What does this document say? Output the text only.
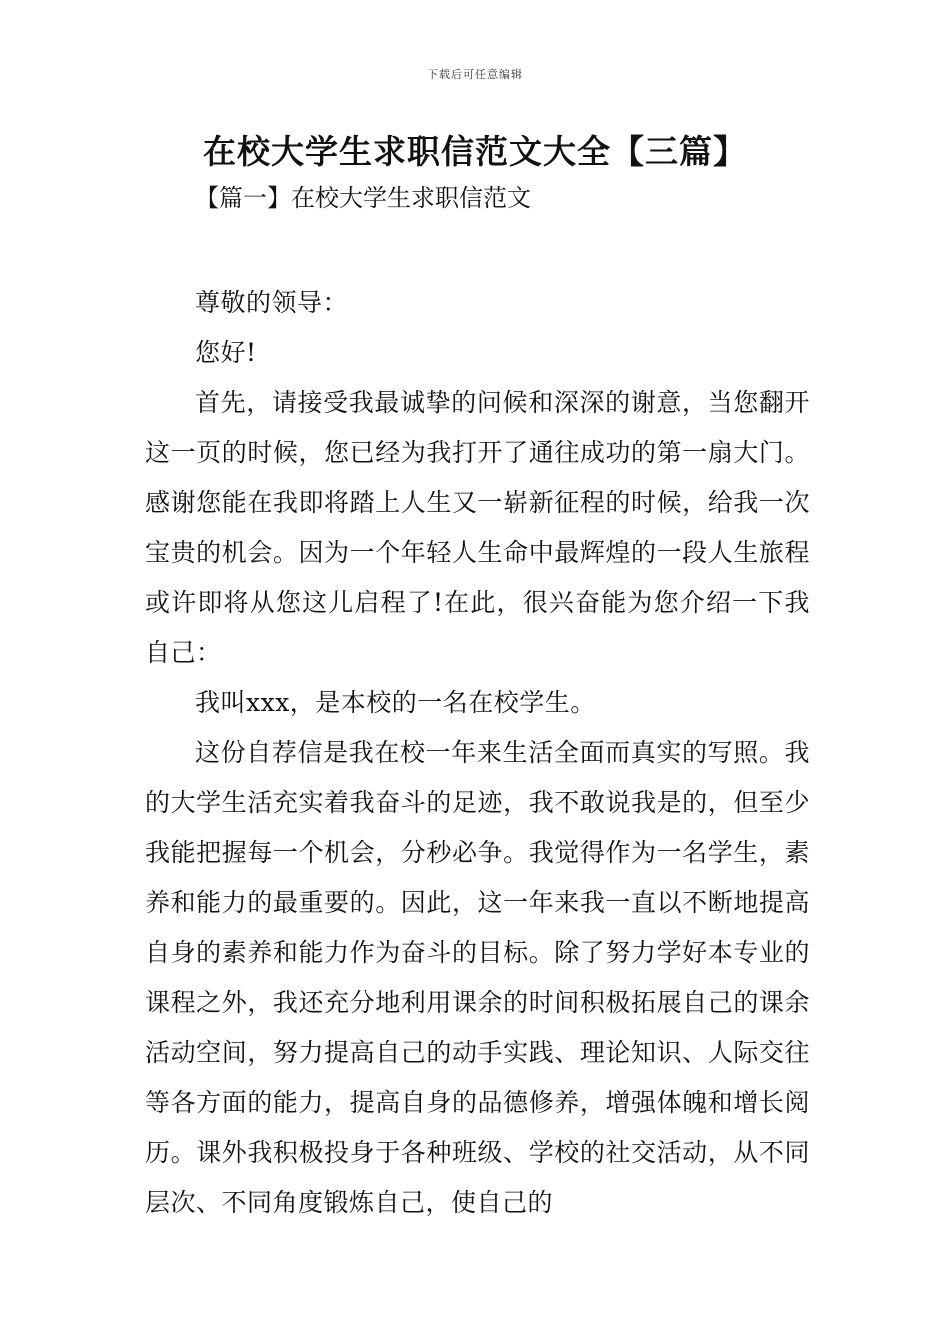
下载后可任意编辑
在校大学生求职信范文大全【三篇】
【篇一】在校大学生求职信范文

尊敬的领导：

您好!

首先，请接受我最诚挚的问候和深深的谢意，当您翻开这一页的时候，您已经为我打开了通往成功的第一扇大门。感谢您能在我即将踏上人生又一崭新征程的时候，给我一次宝贵的机会。因为一个年轻人生命中最辉煌的一段人生旅程或许即将从您这儿启程了!在此，很兴奋能为您介绍一下我自己：

我叫xxx，是本校的一名在校学生。

这份自荐信是我在校一年来生活全面而真实的写照。我的大学生活充实着我奋斗的足迹，我不敢说我是的，但至少我能把握每一个机会，分秒必争。我觉得作为一名学生，素养和能力的最重要的。因此，这一年来我一直以不断地提高自身的素养和能力作为奋斗的目标。除了努力学好本专业的课程之外，我还充分地利用课余的时间积极拓展自己的课余活动空间，努力提高自己的动手实践、理论知识、人际交往等各方面的能力，提高自身的品德修养，增强体魄和增长阅历。课外我积极投身于各种班级、学校的社交活动，从不同层次、不同角度锻炼自己，使自己的
